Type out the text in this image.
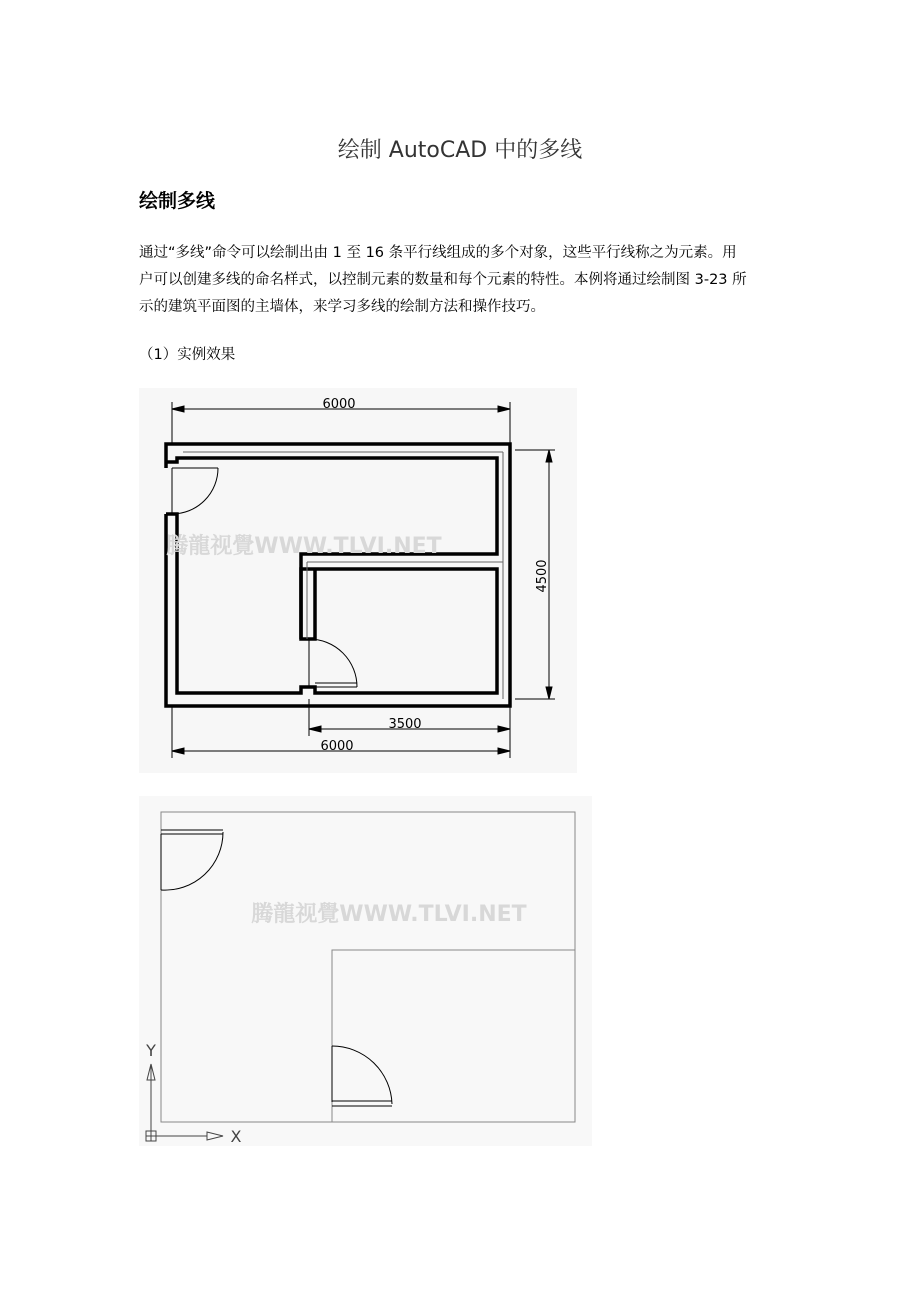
绘制 AutoCAD 中的多线
绘制多线
通过“多线”命令可以绘制出由 1 至 16 条平行线组成的多个对象，这些平行线称之为元素。用
户可以创建多线的命名样式，以控制元素的数量和每个元素的特性。本例将通过绘制图 3-23 所
示的建筑平面图的主墙体，来学习多线的绘制方法和操作技巧。
（1）实例效果
6000
4500
腾龍视覺WWW.TLVI.NET
3500
6000
腾龍视覺WWW.TLVI.NET
Y
X
